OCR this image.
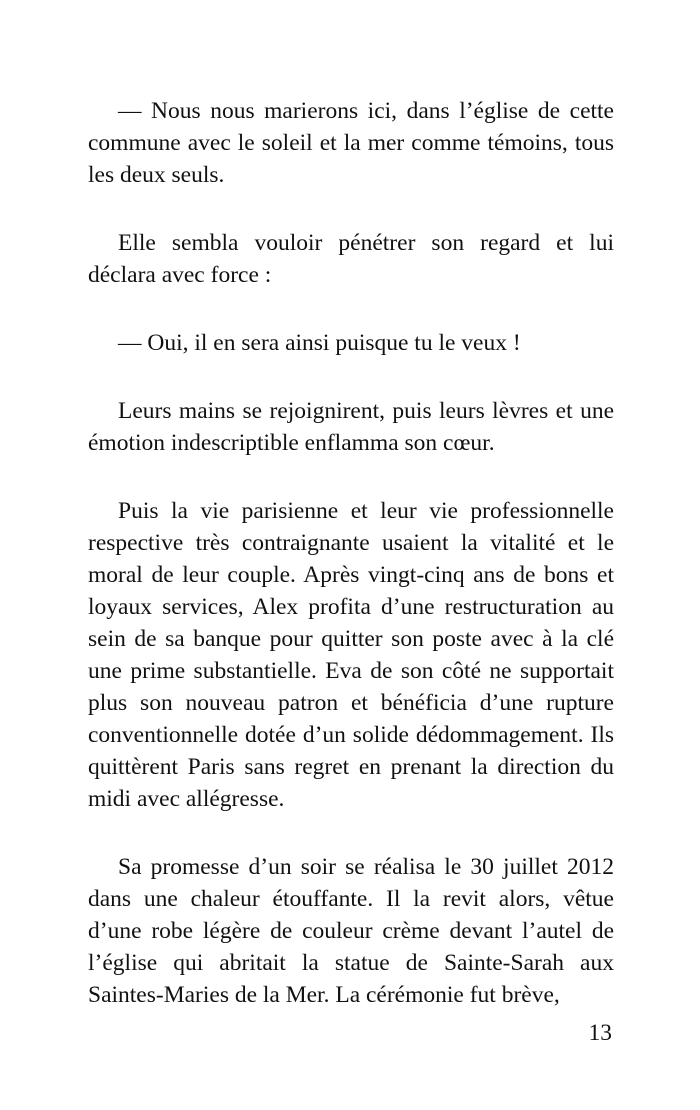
— Nous nous marierons ici, dans l’église de cette commune avec le soleil et la mer comme témoins, tous les deux seuls.

Elle sembla vouloir pénétrer son regard et lui déclara avec force :

— Oui, il en sera ainsi puisque tu le veux !

Leurs mains se rejoignirent, puis leurs lèvres et une émotion indescriptible enflamma son cœur.

Puis la vie parisienne et leur vie professionnelle respective très contraignante usaient la vitalité et le moral de leur couple. Après vingt-cinq ans de bons et loyaux services, Alex profita d’une restructuration au sein de sa banque pour quitter son poste avec à la clé une prime substantielle. Eva de son côté ne supportait plus son nouveau patron et bénéficia d’une rupture conventionnelle dotée d’un solide dédommagement. Ils quittèrent Paris sans regret en prenant la direction du midi avec allégresse.

Sa promesse d’un soir se réalisa le 30 juillet 2012 dans une chaleur étouffante. Il la revit alors, vêtue d’une robe légère de couleur crème devant l’autel de l’église qui abritait la statue de Sainte-Sarah aux Saintes-Maries de la Mer. La cérémonie fut brève,

13
